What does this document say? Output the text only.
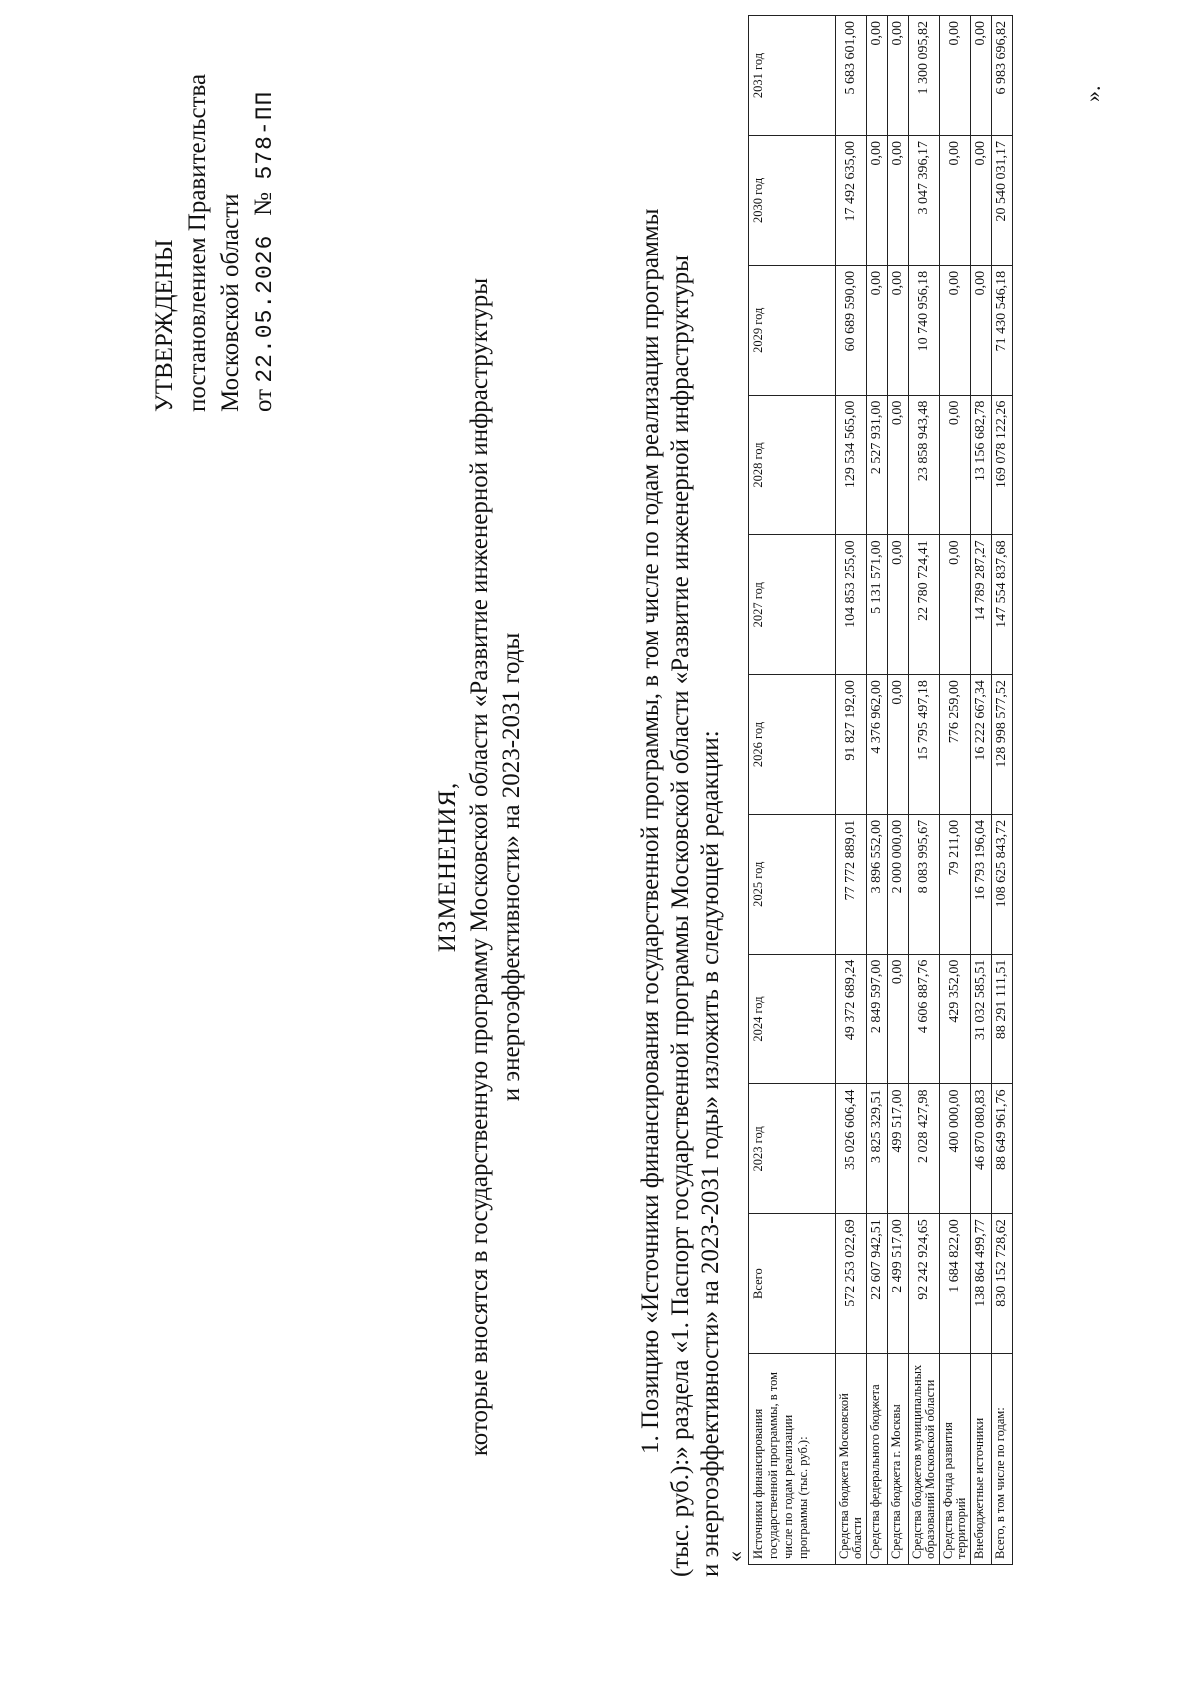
УТВЕРЖДЕНЫ постановлением Правительства Московской области от 22.05.2026   №  578-ПП
ИЗМЕНЕНИЯ, которые вносятся в государственную программу Московской области «Развитие инженерной инфраструктуры и энергоэффективности» на 2023-2031 годы	1. Позицию «Источники финансирования государственной программы, в том числе по годам реализации программы (тыс. руб.):» раздела «1. Паспорт государственной программы Московской области «Развитие инженерной инфраструктуры и энергоэффективности» на 2023-2031 годы» изложить в следующей редакции:
« Источники финансирования государственной программы, в том числе по годам реализации программы (тыс. руб.):	Всего	2023 год	2024 год	2025 год	2026 год	2027 год	2028 год	2029 год	2030 год	2031 год
Средства бюджета Московской области	572 253 022,69	35 026 606,44	49 372 689,24	77 772 889,01	91 827 192,00	104 853 255,00	129 534 565,00	60 689 590,00	17 492 635,00	5 683 601,00
Средства федерального бюджета	22 607 942,51	3 825 329,51	2 849 597,00	3 896 552,00	4 376 962,00	5 131 571,00	2 527 931,00	0,00	0,00	0,00
Средства бюджета г. Москвы	2 499 517,00	499 517,00	0,00	2 000 000,00	0,00	0,00	0,00	0,00	0,00	0,00
Средства бюджетов муниципальных образований Московской области	92 242 924,65	2 028 427,98	4 606 887,76	8 083 995,67	15 795 497,18	22 780 724,41	23 858 943,48	10 740 956,18	3 047 396,17	1 300 095,82
Средства Фонда развития территорий	1 684 822,00	400 000,00	429 352,00	79 211,00	776 259,00	0,00	0,00	0,00	0,00	0,00
Внебюджетные источники	138 864 499,77	46 870 080,83	31 032 585,51	16 793 196,04	16 222 667,34	14 789 287,27	13 156 682,78	0,00	0,00	0,00
Всего, в том числе по годам:	830 152 728,62	88 649 961,76	88 291 111,51	108 625 843,72	128 998 577,52	147 554 837,68	169 078 122,26	71 430 546,18	20 540 031,17	6 983 696,82	».
